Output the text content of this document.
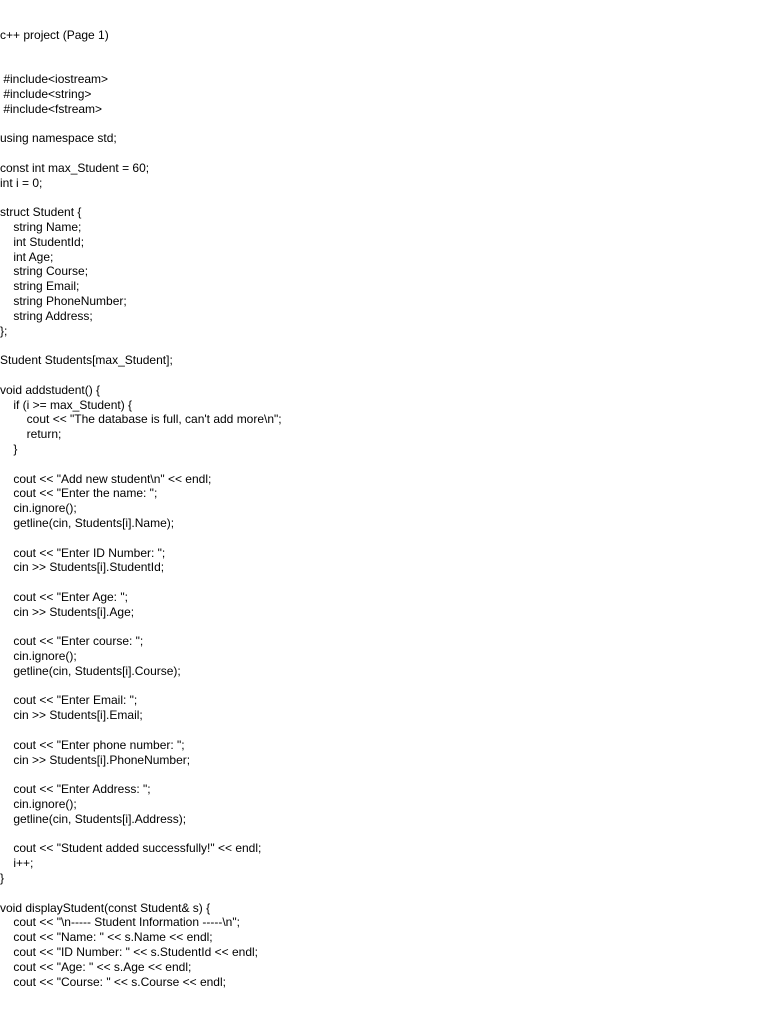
c++ project (Page 1)
#include<iostream>
#include<string>
#include<fstream>
using namespace std;
const int max_Student = 60;
int i = 0;
struct Student {
string Name;
int StudentId;
int Age;
string Course;
string Email;
string PhoneNumber;
string Address;
};
Student Students[max_Student];
void addstudent() {
if (i >= max_Student) {
cout << "The database is full, can't add more\n";
return;
}
cout << "Add new student\n" << endl;
cout << "Enter the name: ";
cin.ignore();
getline(cin, Students[i].Name);
cout << "Enter ID Number: ";
cin >> Students[i].StudentId;
cout << "Enter Age: ";
cin >> Students[i].Age;
cout << "Enter course: ";
cin.ignore();
getline(cin, Students[i].Course);
cout << "Enter Email: ";
cin >> Students[i].Email;
cout << "Enter phone number: ";
cin >> Students[i].PhoneNumber;
cout << "Enter Address: ";
cin.ignore();
getline(cin, Students[i].Address);
cout << "Student added successfully!" << endl;
i++;
}
void displayStudent(const Student& s) {
cout << "\n----- Student Information -----\n";
cout << "Name: " << s.Name << endl;
cout << "ID Number: " << s.StudentId << endl;
cout << "Age: " << s.Age << endl;
cout << "Course: " << s.Course << endl;
